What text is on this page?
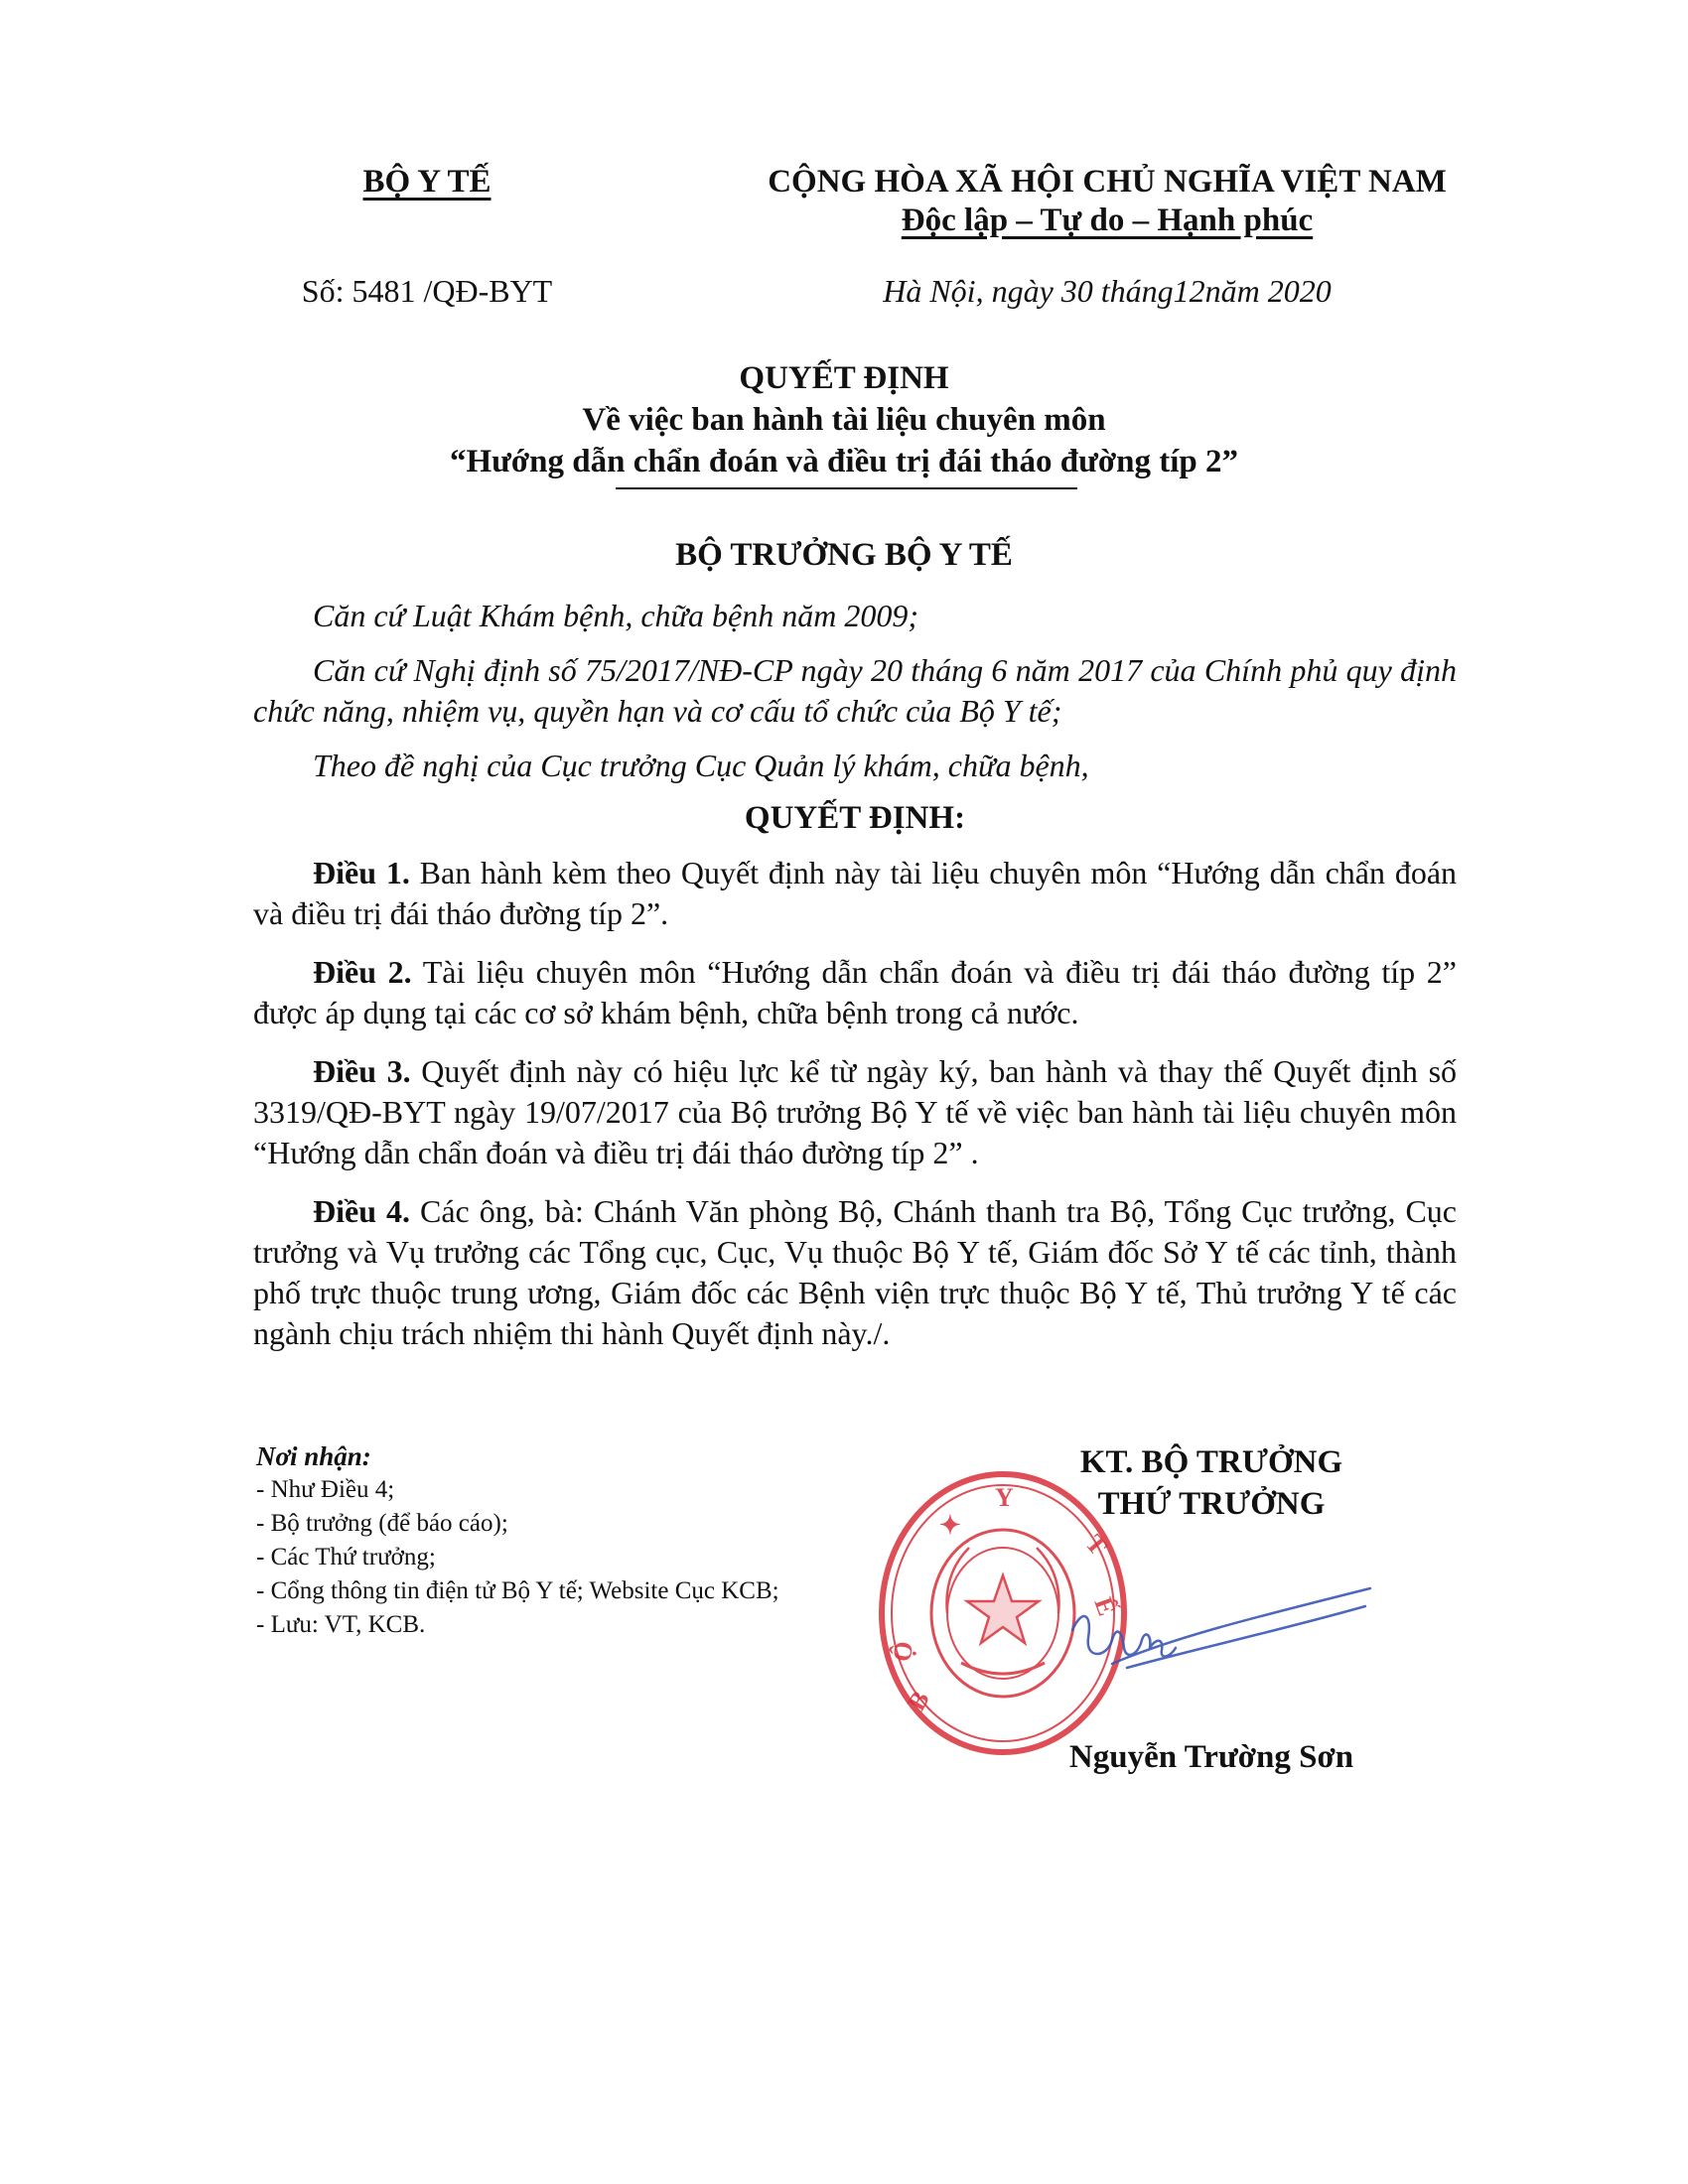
BỘ Y TẾ	CỘNG HÒA XÃ HỘI CHỦ NGHĨA VIỆT NAM
Độc lập – Tự do – Hạnh phúc
Số: 5481 /QĐ-BYT	Hà Nội, ngày 30 tháng12năm 2020
QUYẾT ĐỊNH
Về việc ban hành tài liệu chuyên môn
“Hướng dẫn chẩn đoán và điều trị đái tháo đường típ 2”
BỘ TRƯỞNG BỘ Y TẾ

Căn cứ Luật Khám bệnh, chữa bệnh năm 2009;

Căn cứ Nghị định số 75/2017/NĐ-CP ngày 20 tháng 6 năm 2017 của Chính phủ quy định chức năng, nhiệm vụ, quyền hạn và cơ cấu tổ chức của Bộ Y tế;

Theo đề nghị của Cục trưởng Cục Quản lý khám, chữa bệnh,

QUYẾT ĐỊNH:

Điều 1. Ban hành kèm theo Quyết định này tài liệu chuyên môn “Hướng dẫn chẩn đoán và điều trị đái tháo đường típ 2”.

Điều 2. Tài liệu chuyên môn “Hướng dẫn chẩn đoán và điều trị đái tháo đường típ 2” được áp dụng tại các cơ sở khám bệnh, chữa bệnh trong cả nước.

Điều 3. Quyết định này có hiệu lực kể từ ngày ký, ban hành và thay thế Quyết định số 3319/QĐ-BYT ngày 19/07/2017 của Bộ trưởng Bộ Y tế về việc ban hành tài liệu chuyên môn “Hướng dẫn chẩn đoán và điều trị đái tháo đường típ 2” .

Điều 4. Các ông, bà: Chánh Văn phòng Bộ, Chánh thanh tra Bộ, Tổng Cục trưởng, Cục trưởng và Vụ trưởng các Tổng cục, Cục, Vụ thuộc Bộ Y tế, Giám đốc Sở Y tế các tỉnh, thành phố trực thuộc trung ương, Giám đốc các Bệnh viện trực thuộc Bộ Y tế, Thủ trưởng Y tế các ngành chịu trách nhiệm thi hành Quyết định này./.

Nơi nhận:
- Như Điều 4;
- Bộ trưởng (để báo cáo);
- Các Thứ trưởng;
- Cổng thông tin điện tử Bộ Y tế; Website Cục KCB;
- Lưu: VT, KCB.
KT. BỘ TRƯỞNG
THỨ TRƯỞNG
Y
B
Ộ
T
Ế
✦
Nguyễn Trường Sơn
